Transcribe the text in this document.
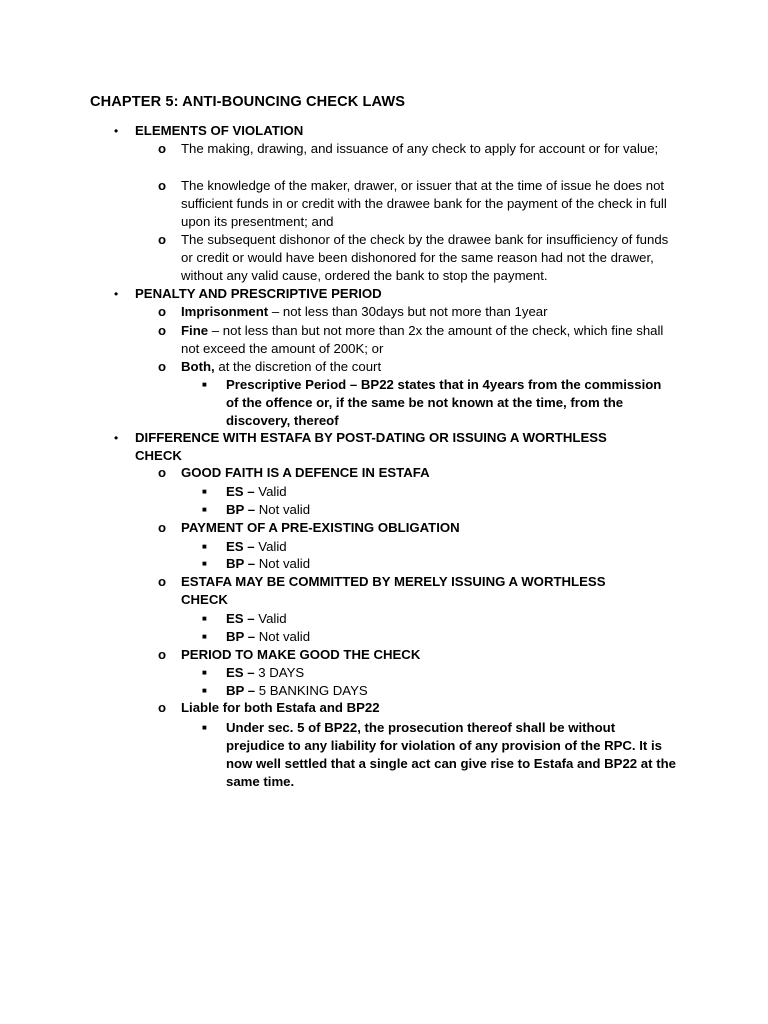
CHAPTER 5: ANTI-BOUNCING CHECK LAWS
• ELEMENTS OF VIOLATION
o The making, drawing, and issuance of any check to apply for account or for value;
o The knowledge of the maker, drawer, or issuer that at the time of issue he does not sufficient funds in or credit with the drawee bank for the payment of the check in full upon its presentment; and
o The subsequent dishonor of the check by the drawee bank for insufficiency of funds or credit or would have been dishonored for the same reason had not the drawer, without any valid cause, ordered the bank to stop the payment.
• PENALTY AND PRESCRIPTIVE PERIOD
o Imprisonment – not less than 30days but not more than 1year
o Fine – not less than but not more than 2x the amount of the check, which fine shall not exceed the amount of 200K; or
o Both, at the discretion of the court
■ Prescriptive Period – BP22 states that in 4years from the commission of the offence or, if the same be not known at the time, from the discovery, thereof
• DIFFERENCE WITH ESTAFA BY POST-DATING OR ISSUING A WORTHLESS CHECK
o GOOD FAITH IS A DEFENCE IN ESTAFA
■ ES – Valid
■ BP – Not valid
o PAYMENT OF A PRE-EXISTING OBLIGATION
■ ES – Valid
■ BP – Not valid
o ESTAFA MAY BE COMMITTED BY MERELY ISSUING A WORTHLESS CHECK
■ ES – Valid
■ BP – Not valid
o PERIOD TO MAKE GOOD THE CHECK
■ ES – 3 DAYS
■ BP – 5 BANKING DAYS
o Liable for both Estafa and BP22
■ Under sec. 5 of BP22, the prosecution thereof shall be without prejudice to any liability for violation of any provision of the RPC. It is now well settled that a single act can give rise to Estafa and BP22 at the same time.
